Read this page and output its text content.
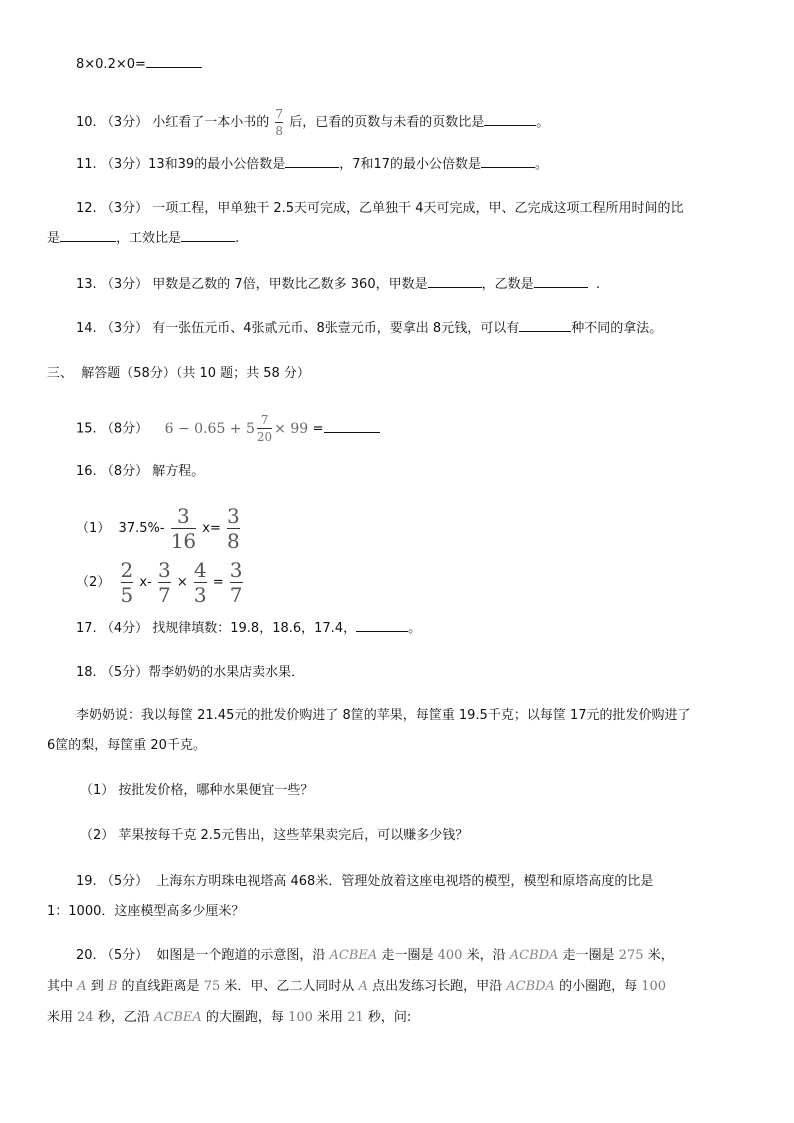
8×0.2×0=
10. （3分） 小红看了一本小书的 $\frac{7}{8}$ 后，已看的页数与未看的页数比是	。
11. （3分）13和39的最小公倍数是	，7和17的最小公倍数是	。
12. （3分） 一项工程，甲单独干 2.5天可完成，乙单独干 4天可完成，甲、乙完成这项工程所用时间的比
是	，工效比是	.
13. （3分） 甲数是乙数的 7倍，甲数比乙数多 360，甲数是	，乙数是	.
14. （3分） 有一张伍元币、4张贰元币、8张壹元币，要拿出 8元钱，可以有	种不同的拿法。
三、 解答题（58分）（共 10 题；共 58 分）
15. （8分） $6 - 0.65 + 5 \frac{7}{20} \times 99$ =
16. （8分） 解方程。
（1） $37.5\%- \frac{3}{16} x= \frac{3}{8}$
$(2) \frac{2}{5} x- \frac{3}{7} \times \frac{4}{3} = \frac{3}{7}$
17. （4分） 找规律填数：19.8，18.6，17.4，	。
18. （5分）帮李奶奶的水果店卖水果．
李奶奶说：我以每筐 21.45元的批发价购进了 8筐的苹果，每筐重 19.5千克；以每筐 17元的批发价购进了
6筐的梨，每筐重 20千克。
（1） 按批发价格，哪种水果便宜一些？
（2） 苹果按每千克 2.5元售出，这些苹果卖完后，可以赚多少钱？
19. （5分） 上海东方明珠电视塔高 468米．管理处放着这座电视塔的模型，模型和原塔高度的比是
1：1000．这座模型高多少厘米？
20. （5分） 如图是一个跑道的示意图，沿 ACBEA 走一圈是 400 米，沿 ACBDA 走一圈是 275 米，
其中 A 到 B 的直线距离是 75 米．甲、乙二人同时从 A 点出发练习长跑，甲沿 ACBDA 的小圈跑，每 100
米用 24 秒，乙沿 ACBEA 的大圈跑，每 100 米用 21 秒，问:
